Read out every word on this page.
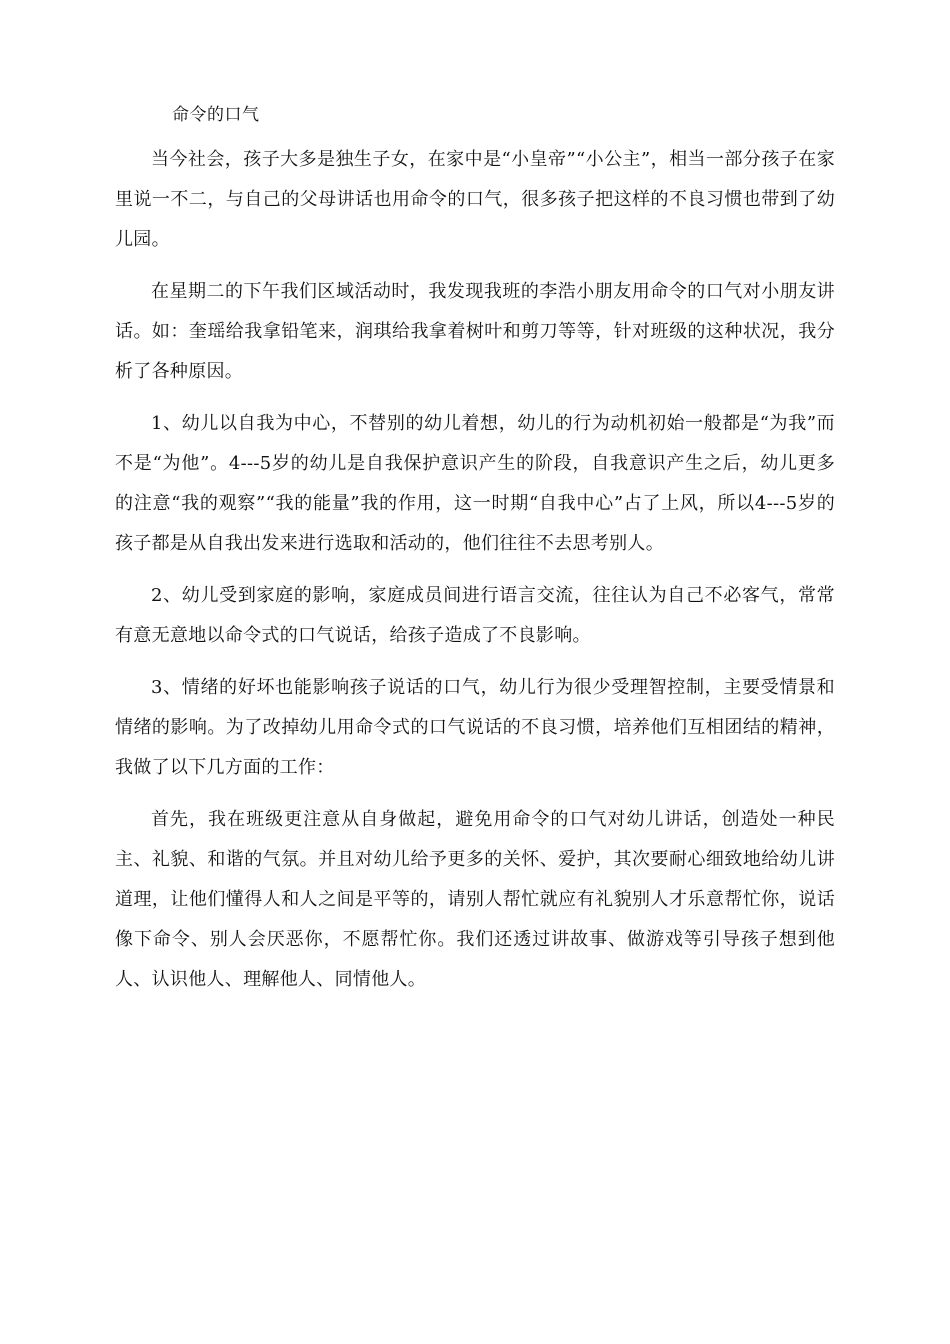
命令的口气

当今社会，孩子大多是独生子女，在家中是“小皇帝”“小公主”，相当一部分孩子在家里说一不二，与自己的父母讲话也用命令的口气，很多孩子把这样的不良习惯也带到了幼儿园。

在星期二的下午我们区域活动时，我发现我班的李浩小朋友用命令的口气对小朋友讲话。如：奎瑶给我拿铅笔来，润琪给我拿着树叶和剪刀等等，针对班级的这种状况，我分析了各种原因。

1、幼儿以自我为中心，不替别的幼儿着想，幼儿的行为动机初始一般都是“为我”而不是“为他”。4---5岁的幼儿是自我保护意识产生的阶段，自我意识产生之后，幼儿更多的注意“我的观察”“我的能量”我的作用，这一时期“自我中心”占了上风，所以4---5岁的孩子都是从自我出发来进行选取和活动的，他们往往不去思考别人。

2、幼儿受到家庭的影响，家庭成员间进行语言交流，往往认为自己不必客气，常常有意无意地以命令式的口气说话，给孩子造成了不良影响。

3、情绪的好坏也能影响孩子说话的口气，幼儿行为很少受理智控制，主要受情景和情绪的影响。为了改掉幼儿用命令式的口气说话的不良习惯，培养他们互相团结的精神，我做了以下几方面的工作：

首先，我在班级更注意从自身做起，避免用命令的口气对幼儿讲话，创造处一种民主、礼貌、和谐的气氛。并且对幼儿给予更多的关怀、爱护，其次要耐心细致地给幼儿讲道理，让他们懂得人和人之间是平等的，请别人帮忙就应有礼貌别人才乐意帮忙你，说话像下命令、别人会厌恶你，不愿帮忙你。我们还透过讲故事、做游戏等引导孩子想到他人、认识他人、理解他人、同情他人。
